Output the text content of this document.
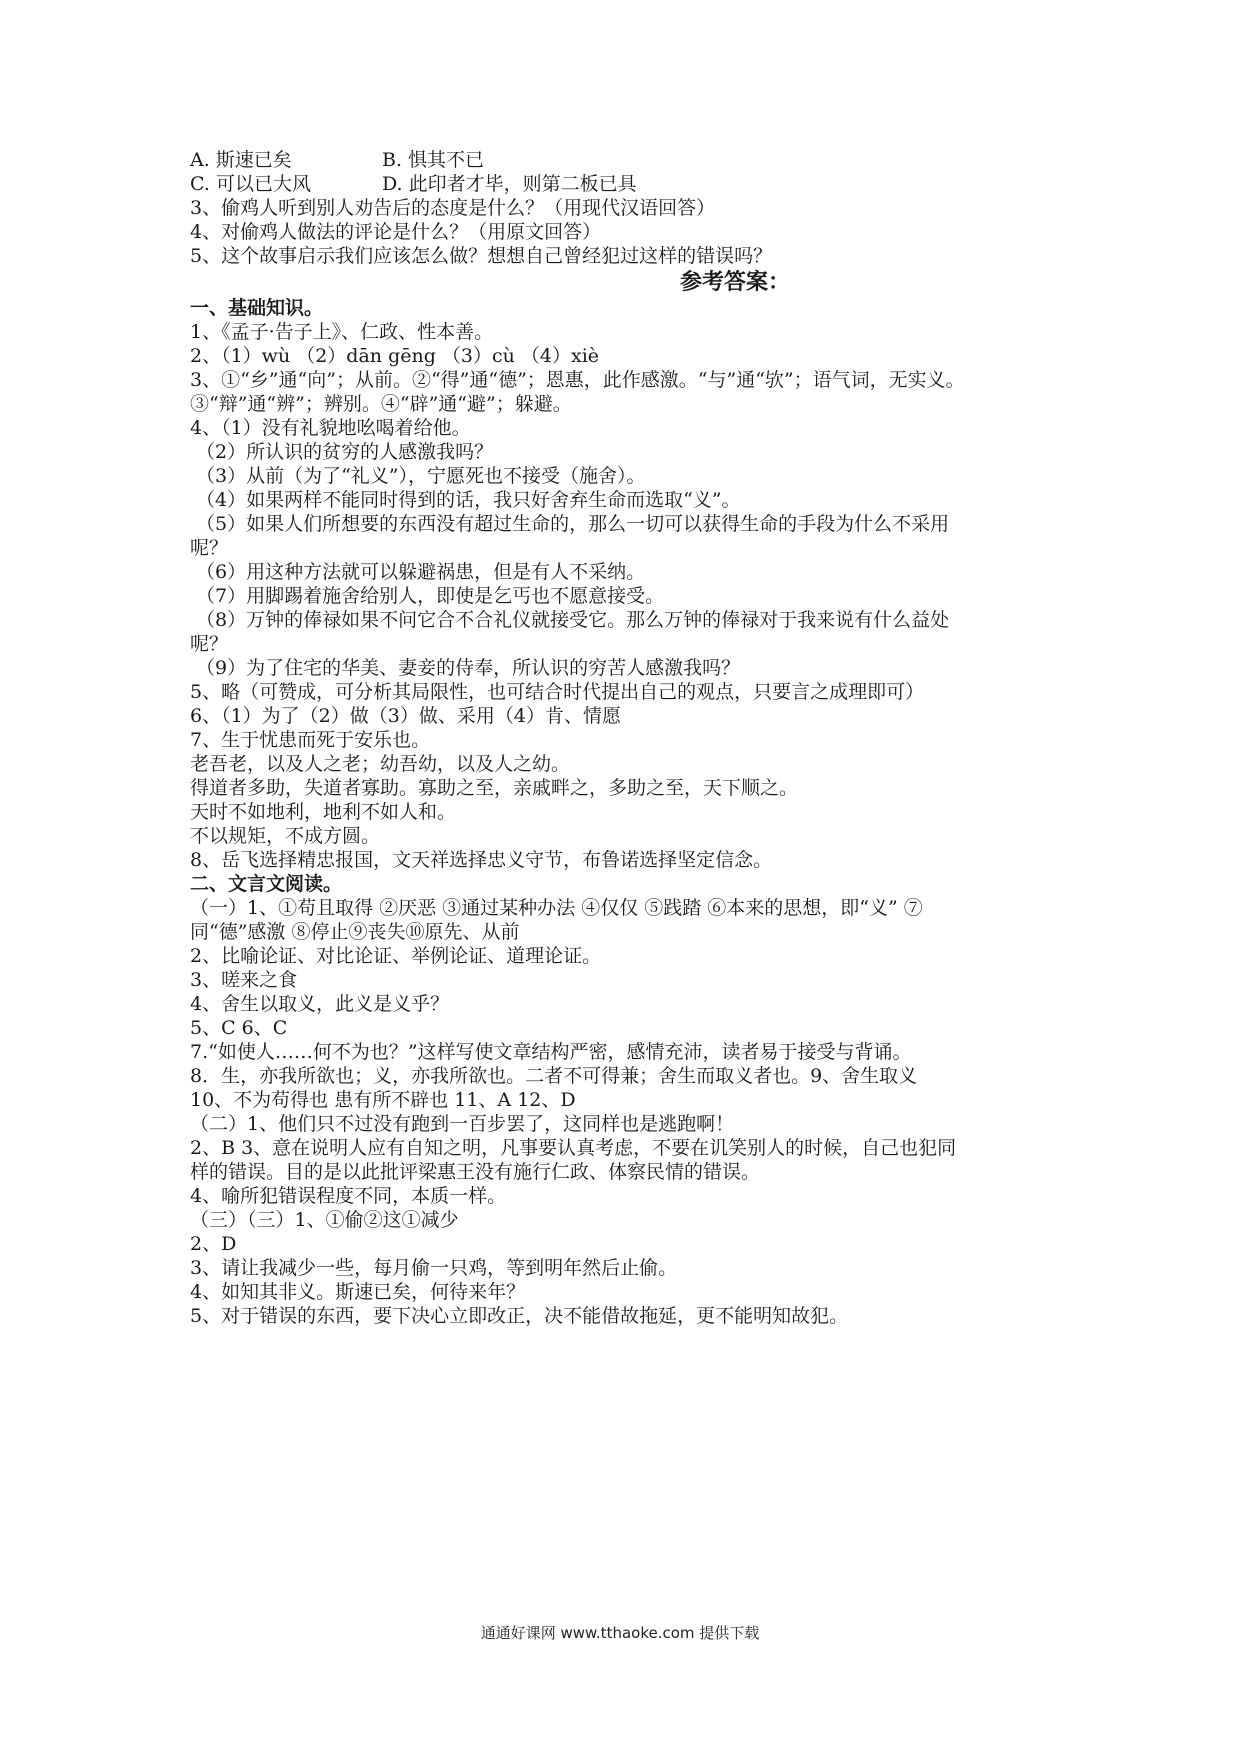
A. 斯速已矣	B. 惧其不已
C. 可以已大风	D. 此印者才毕，则第二板已具
3、偷鸡人听到别人劝告后的态度是什么？（用现代汉语回答）
4、对偷鸡人做法的评论是什么？（用原文回答）
5、这个故事启示我们应该怎么做？想想自己曾经犯过这样的错误吗？
参考答案：
一、基础知识。
1、《孟子·告子上》、仁政、性本善。
2、（1）wù （2）dān gēng （3）cù （4）xiè
3、①“乡”通“向”；从前。②“得”通“德”；恩惠，此作感激。“与”通“欤”；语气词，无实义。
③“辩”通“辨”；辨别。④“辟”通“避”；躲避。
4、（1）没有礼貌地吆喝着给他。
（2）所认识的贫穷的人感激我吗？
（3）从前（为了“礼义”），宁愿死也不接受（施舍）。
（4）如果两样不能同时得到的话，我只好舍弃生命而选取“义”。
（5）如果人们所想要的东西没有超过生命的，那么一切可以获得生命的手段为什么不采用
呢？
（6）用这种方法就可以躲避祸患，但是有人不采纳。
（7）用脚踢着施舍给别人，即使是乞丐也不愿意接受。
（8）万钟的俸禄如果不问它合不合礼仪就接受它。那么万钟的俸禄对于我来说有什么益处
呢？
（9）为了住宅的华美、妻妾的侍奉，所认识的穷苦人感激我吗？
5、略（可赞成，可分析其局限性，也可结合时代提出自己的观点，只要言之成理即可）
6、（1）为了（2）做（3）做、采用（4）肯、情愿
7、生于忧患而死于安乐也。
老吾老，以及人之老；幼吾幼，以及人之幼。
得道者多助，失道者寡助。寡助之至，亲戚畔之，多助之至，天下顺之。
天时不如地利，地利不如人和。
不以规矩，不成方圆。
8、岳飞选择精忠报国，文天祥选择忠义守节，布鲁诺选择坚定信念。
二、文言文阅读。
（一）1、①苟且取得 ②厌恶 ③通过某种办法 ④仅仅 ⑤践踏 ⑥本来的思想，即“义” ⑦
同“德”感激 ⑧停止⑨丧失⑩原先、从前
2、比喻论证、对比论证、举例论证、道理论证。
3、嗟来之食
4、舍生以取义，此义是义乎？
5、C 6、C
7.“如使人……何不为也？”这样写使文章结构严密，感情充沛，读者易于接受与背诵。
8．生，亦我所欲也；义，亦我所欲也。二者不可得兼；舍生而取义者也。9、舍生取义
10、不为苟得也 患有所不辟也 11、A 12、D
（二）1、他们只不过没有跑到一百步罢了，这同样也是逃跑啊！
2、B 3、意在说明人应有自知之明，凡事要认真考虑，不要在讥笑别人的时候，自己也犯同
样的错误。目的是以此批评梁惠王没有施行仁政、体察民情的错误。
4、喻所犯错误程度不同，本质一样。
（三）（三）1、①偷②这①减少
2、D
3、请让我减少一些，每月偷一只鸡，等到明年然后止偷。
4、如知其非义。斯速已矣，何待来年？
5、对于错误的东西，要下决心立即改正，决不能借故拖延，更不能明知故犯。
通通好课网 www.tthaoke.com 提供下载
